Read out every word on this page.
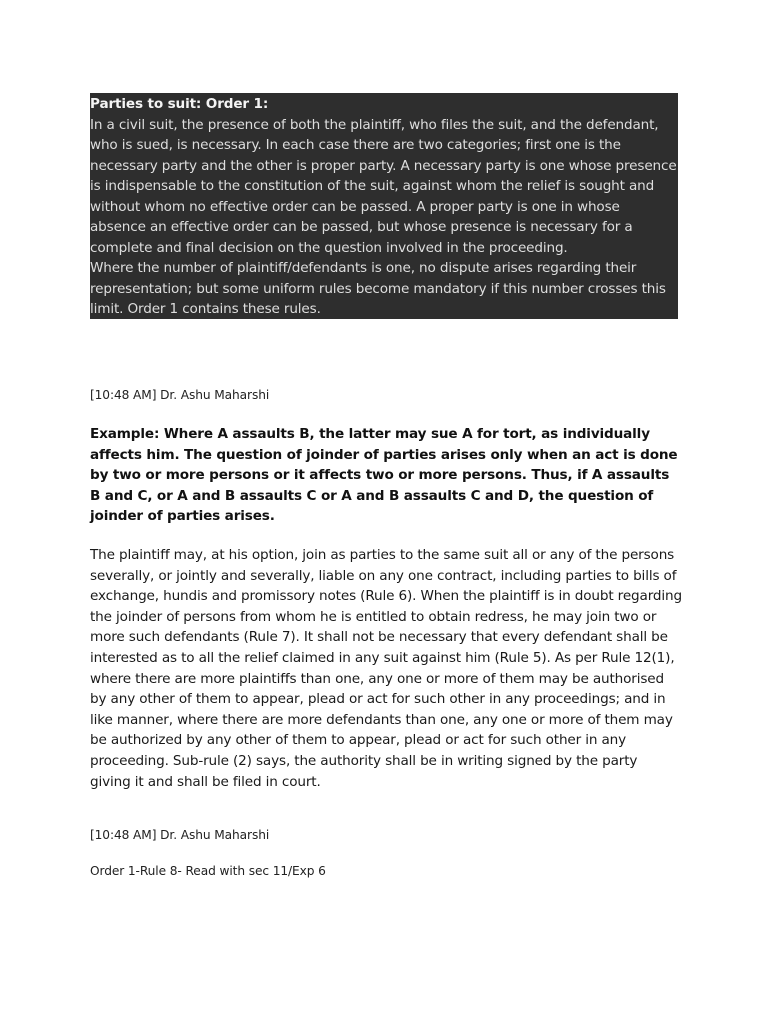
Parties to suit: Order 1:

In a civil suit, the presence of both the plaintiff, who files the suit, and the defendant, who is sued, is necessary. In each case there are two categories; first one is the necessary party and the other is proper party. A necessary party is one whose presence is indispensable to the constitution of the suit, against whom the relief is sought and without whom no effective order can be passed. A proper party is one in whose absence an effective order can be passed, but whose presence is necessary for a complete and final decision on the question involved in the proceeding.

Where the number of plaintiff/defendants is one, no dispute arises regarding their representation; but some uniform rules become mandatory if this number crosses this limit. Order 1 contains these rules.

[10:48 AM] Dr. Ashu Maharshi

Example: Where A assaults B, the latter may sue A for tort, as individually affects him. The question of joinder of parties arises only when an act is done by two or more persons or it affects two or more persons. Thus, if A assaults B and C, or A and B assaults C or A and B assaults C and D, the question of joinder of parties arises.

The plaintiff may, at his option, join as parties to the same suit all or any of the persons severally, or jointly and severally, liable on any one contract, including parties to bills of exchange, hundis and promissory notes (Rule 6). When the plaintiff is in doubt regarding the joinder of persons from whom he is entitled to obtain redress, he may join two or more such defendants (Rule 7). It shall not be necessary that every defendant shall be interested as to all the relief claimed in any suit against him (Rule 5). As per Rule 12(1), where there are more plaintiffs than one, any one or more of them may be authorised by any other of them to appear, plead or act for such other in any proceedings; and in like manner, where there are more defendants than one, any one or more of them may be authorized by any other of them to appear, plead or act for such other in any proceeding. Sub-rule (2) says, the authority shall be in writing signed by the party giving it and shall be filed in court.

[10:48 AM] Dr. Ashu Maharshi
Order 1-Rule 8- Read with sec 11/Exp 6
